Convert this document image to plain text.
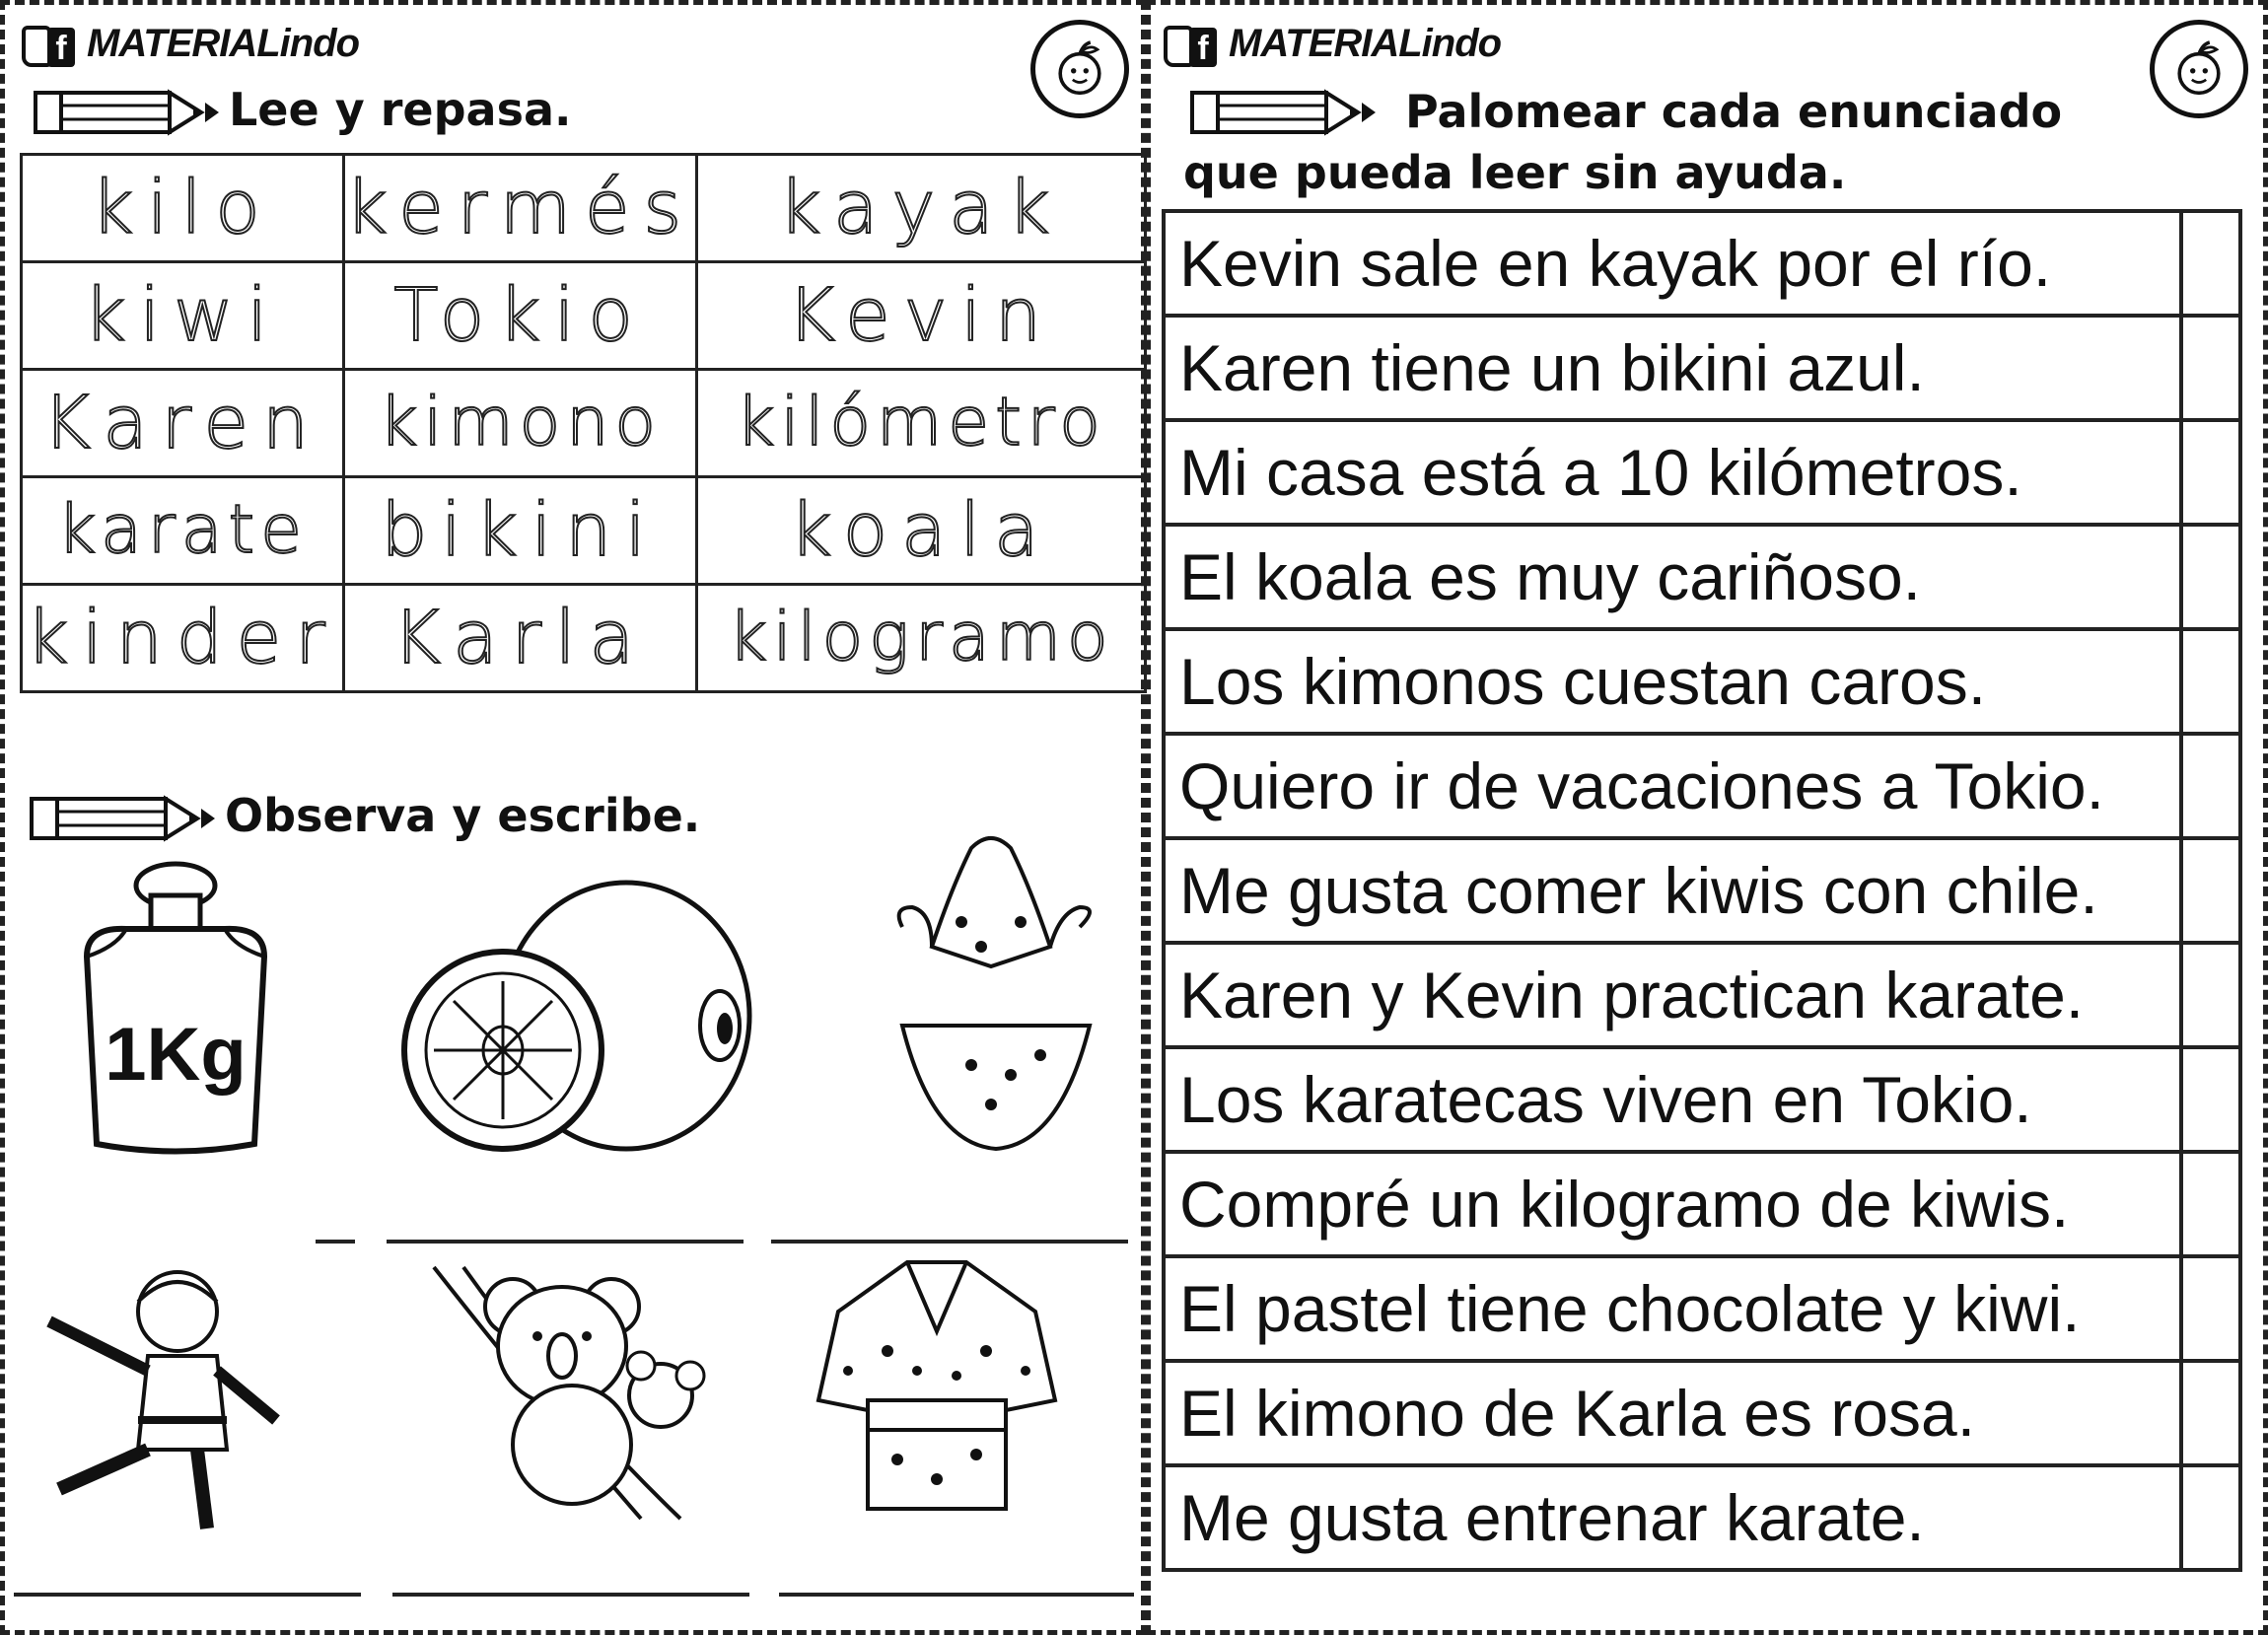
f MATERIALindo
Lee y repasa.
kilo	kermés	kayak
kiwi	Tokio	Kevin
Karen	kimono	kilómetro
karate	bikini	koala
kinder	Karla	kilogramo
Observa y escribe.
1Kg
f MATERIALindo
Palomear cada enunciado que pueda leer sin ayuda.
Kevin sale en kayak por el río.	
Karen tiene un bikini azul.	
Mi casa está a 10 kilómetros.	
El koala es muy cariñoso.	
Los kimonos cuestan caros.	
Quiero ir de vacaciones a Tokio.	
Me gusta comer kiwis con chile.	
Karen y Kevin practican karate.	
Los karatecas viven en Tokio.	
Compré un kilogramo de kiwis.	
El pastel tiene chocolate y kiwi.	
El kimono de Karla es rosa.	
Me gusta entrenar karate.	
